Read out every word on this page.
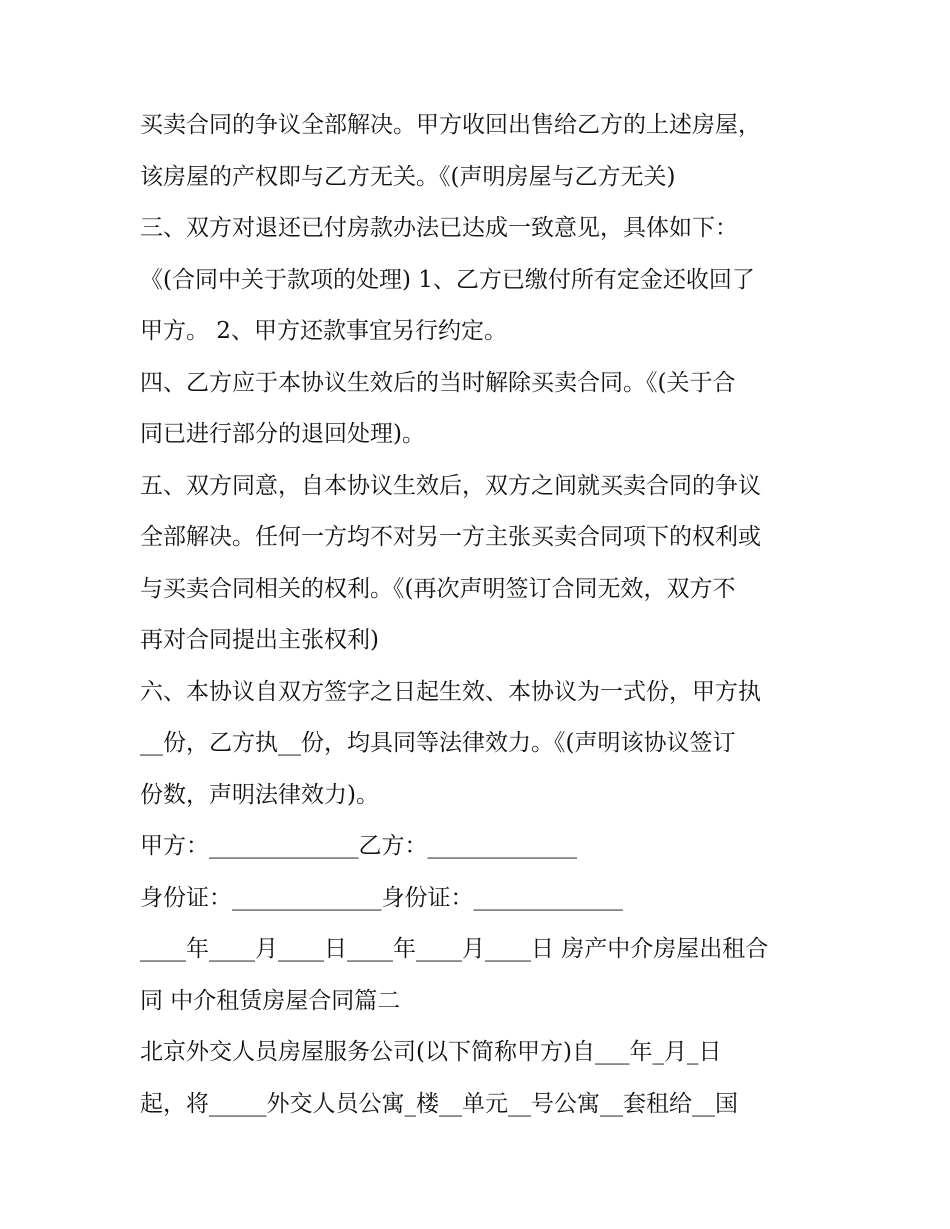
买卖合同的争议全部解决。甲方收回出售给乙方的上述房屋，
该房屋的产权即与乙方无关。《(声明房屋与乙方无关)
三、双方对退还已付房款办法已达成一致意见，具体如下：
《(合同中关于款项的处理) 1、乙方已缴付所有定金还收回了
甲方。 2、甲方还款事宜另行约定。
四、乙方应于本协议生效后的当时解除买卖合同。《(关于合
同已进行部分的退回处理)。
五、双方同意，自本协议生效后，双方之间就买卖合同的争议
全部解决。任何一方均不对另一方主张买卖合同项下的权利或
与买卖合同相关的权利。《(再次声明签订合同无效，双方不
再对合同提出主张权利)
六、本协议自双方签字之日起生效、本协议为一式份，甲方执
__份，乙方执__份，均具同等法律效力。《(声明该协议签订
份数，声明法律效力)。
甲方：_____________乙方：_____________
身份证：_____________身份证：_____________
____年____月____日____年____月____日 房产中介房屋出租合
同 中介租赁房屋合同篇二
北京外交人员房屋服务公司(以下简称甲方)自___年_月_日
起，将_____外交人员公寓_楼__单元__号公寓__套租给__国
